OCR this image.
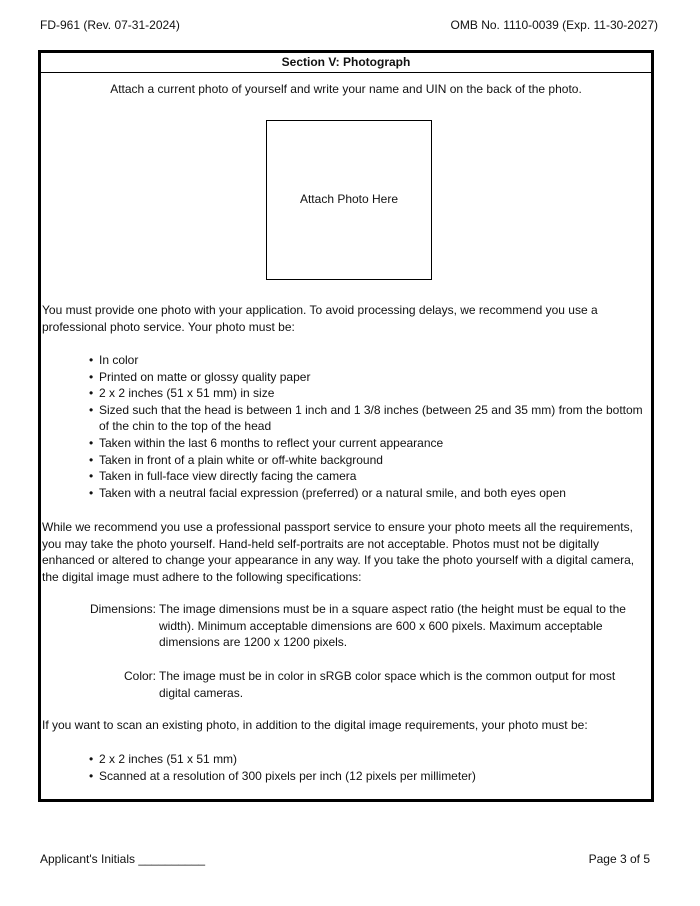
FD-961 (Rev. 07-31-2024)	OMB No. 1110-0039 (Exp. 11-30-2027)
Section V: Photograph
Attach a current photo of yourself and write your name and UIN on the back of the photo.
Attach Photo Here
You must provide one photo with your application. To avoid processing delays, we recommend you use a professional photo service. Your photo must be:
• In color
• Printed on matte or glossy quality paper
• 2 x 2 inches (51 x 51 mm) in size
• Sized such that the head is between 1 inch and 1 3/8 inches (between 25 and 35 mm) from the bottom of the chin to the top of the head
• Taken within the last 6 months to reflect your current appearance
• Taken in front of a plain white or off-white background
• Taken in full-face view directly facing the camera
• Taken with a neutral facial expression (preferred) or a natural smile, and both eyes open
While we recommend you use a professional passport service to ensure your photo meets all the requirements, you may take the photo yourself. Hand-held self-portraits are not acceptable. Photos must not be digitally enhanced or altered to change your appearance in any way. If you take the photo yourself with a digital camera, the digital image must adhere to the following specifications:
Dimensions: The image dimensions must be in a square aspect ratio (the height must be equal to the width). Minimum acceptable dimensions are 600 x 600 pixels. Maximum acceptable dimensions are 1200 x 1200 pixels.
Color: The image must be in color in sRGB color space which is the common output for most digital cameras.
If you want to scan an existing photo, in addition to the digital image requirements, your photo must be:
• 2 x 2 inches (51 x 51 mm)
• Scanned at a resolution of 300 pixels per inch (12 pixels per millimeter)
Applicant's Initials __________	Page 3 of 5
